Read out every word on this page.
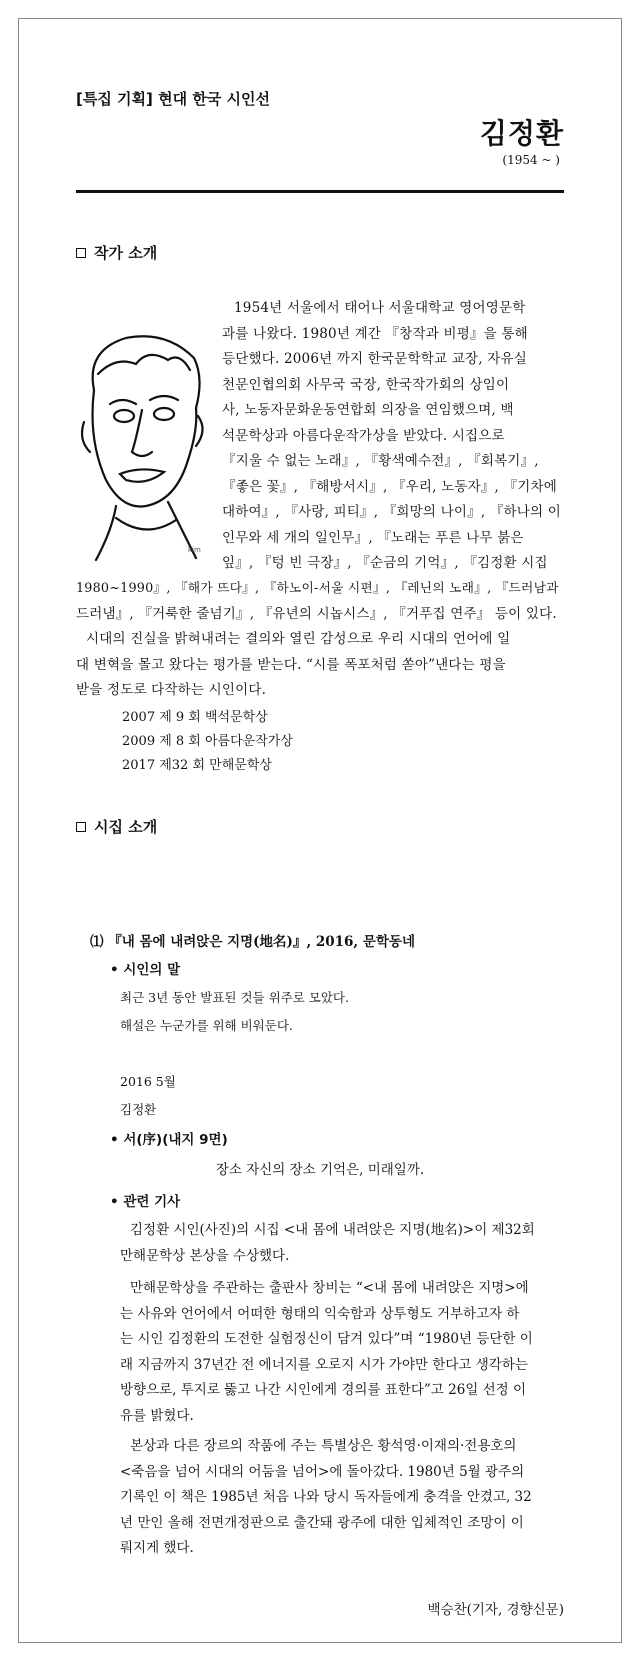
[특집 기획] 현대 한국 시인선
김정환
(1954 ~ )
작가 소개
kim
1954년 서울에서 태어나 서울대학교 영어영문학
과를 나왔다. 1980년 계간 『창작과 비평』을 통해
등단했다. 2006년 까지 한국문학학교 교장, 자유실
천문인협의회 사무국 국장, 한국작가회의 상임이
사, 노동자문화운동연합회 의장을 연임했으며, 백
석문학상과 아름다운작가상을 받았다. 시집으로
『지울 수 없는 노래』, 『황색예수전』, 『회복기』,
『좋은 꽃』, 『해방서시』, 『우리, 노동자』, 『기차에
대하여』, 『사랑, 피티』, 『희망의 나이』, 『하나의 이
인무와 세 개의 일인무』, 『노래는 푸른 나무 붉은
잎』, 『텅 빈 극장』, 『순금의 기억』, 『김정환 시집
1980~1990』, 『해가 뜨다』, 『하노이-서울 시편』, 『레닌의 노래』, 『드러남과
드러냄』, 『거룩한 줄넘기』, 『유년의 시놉시스』, 『거푸집 연주』 등이 있다.
시대의 진실을 밝혀내려는 결의와 열린 감성으로 우리 시대의 언어에 일
대 변혁을 몰고 왔다는 평가를 받는다. “시를 폭포처럼 쏟아”낸다는 평을
받을 정도로 다작하는 시인이다.
2007 제 9 회 백석문학상
2009 제 8 회 아름다운작가상
2017 제32 회 만해문학상
시집 소개
⑴ 『내 몸에 내려앉은 지명(地名)』, 2016, 문학동네
• 시인의 말
최근 3년 동안 발표된 것들 위주로 모았다.
해설은 누군가를 위해 비워둔다.
2016 5월
김정환
• 서(序)(내지 9면)
장소 자신의 장소 기억은, 미래일까.
• 관련 기사
김정환 시인(사진)의 시집 <내 몸에 내려앉은 지명(地名)>이 제32회
만해문학상 본상을 수상했다.
만해문학상을 주관하는 출판사 창비는 “<내 몸에 내려앉은 지명>에
는 사유와 언어에서 어떠한 형태의 익숙함과 상투형도 거부하고자 하
는 시인 김정환의 도전한 실험정신이 담겨 있다”며 “1980년 등단한 이
래 지금까지 37년간 전 에너지를 오로지 시가 가야만 한다고 생각하는
방향으로, 투지로 뚫고 나간 시인에게 경의를 표한다”고 26일 선정 이
유를 밝혔다.
본상과 다른 장르의 작품에 주는 특별상은 황석영·이재의·전용호의
<죽음을 넘어 시대의 어둠을 넘어>에 돌아갔다. 1980년 5월 광주의
기록인 이 책은 1985년 처음 나와 당시 독자들에게 충격을 안겼고, 32
년 만인 올해 전면개정판으로 출간돼 광주에 대한 입체적인 조망이 이
뤄지게 했다.
백승찬(기자, 경향신문)
